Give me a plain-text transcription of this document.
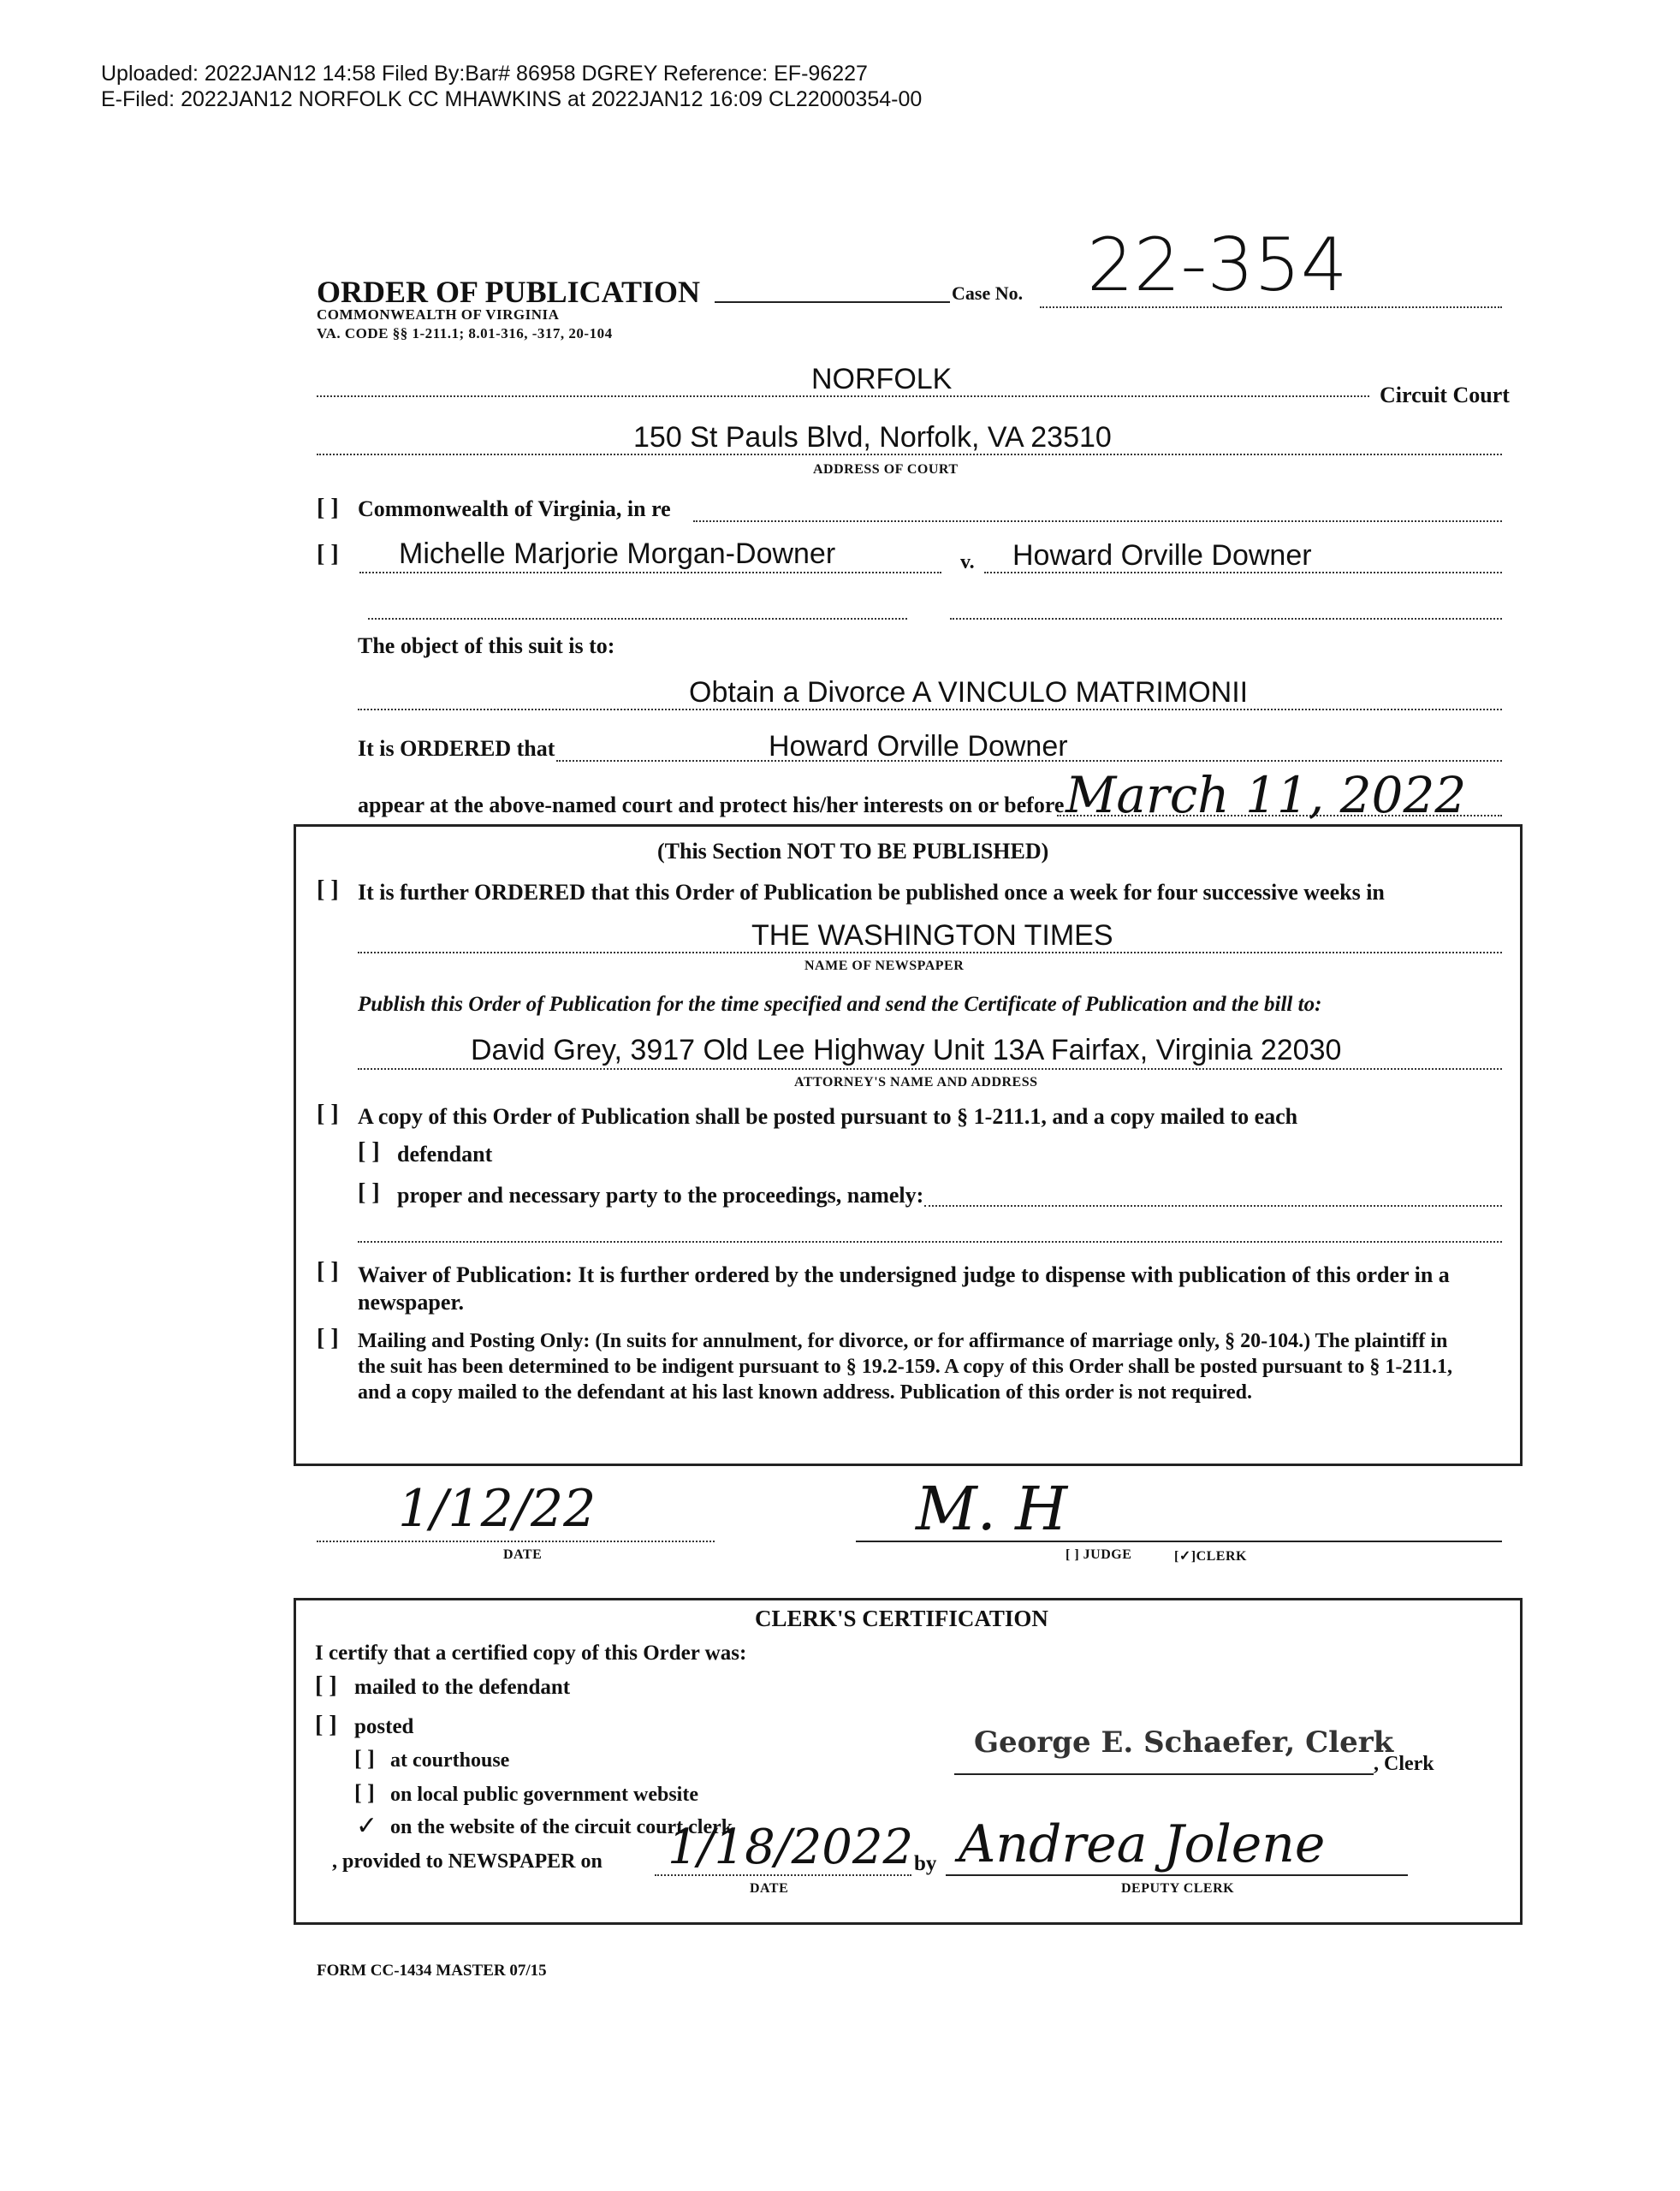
Uploaded: 2022JAN12 14:58 Filed By:Bar# 86958 DGREY Reference: EF-96227
E-Filed: 2022JAN12 NORFOLK CC MHAWKINS at 2022JAN12 16:09 CL22000354-00
ORDER OF PUBLICATION
COMMONWEALTH OF VIRGINIA
VA. CODE §§ 1-211.1; 8.01-316, -317, 20-104
Case No. 22-354
NORFOLK	Circuit Court
150 St Pauls Blvd, Norfolk, VA 23510
ADDRESS OF COURT
[ ] Commonwealth of Virginia, in re
[ ] Michelle Marjorie Morgan-Downer	v. Howard Orville Downer
The object of this suit is to:
Obtain a Divorce A VINCULO MATRIMONII
It is ORDERED that	Howard Orville Downer
appear at the above-named court and protect his/her interests on or before March 11, 2022
(This Section NOT TO BE PUBLISHED)
[ ] It is further ORDERED that this Order of Publication be published once a week for four successive weeks in
THE WASHINGTON TIMES
NAME OF NEWSPAPER
Publish this Order of Publication for the time specified and send the Certificate of Publication and the bill to:
David Grey, 3917 Old Lee Highway Unit 13A Fairfax, Virginia 22030
ATTORNEY'S NAME AND ADDRESS
[ ] A copy of this Order of Publication shall be posted pursuant to § 1-211.1, and a copy mailed to each
[ ] defendant
[ ] proper and necessary party to the proceedings, namely:
[ ] Waiver of Publication: It is further ordered by the undersigned judge to dispense with publication of this order in a newspaper.
[ ] Mailing and Posting Only: (In suits for annulment, for divorce, or for affirmance of marriage only, § 20-104.) The plaintiff in the suit has been determined to be indigent pursuant to § 19.2-159. A copy of this Order shall be posted pursuant to § 1-211.1, and a copy mailed to the defendant at his last known address. Publication of this order is not required.
1/12/22
DATE
M. H
[ ] JUDGE	[✓]CLERK
CLERK'S CERTIFICATION
I certify that a certified copy of this Order was:
[ ] mailed to the defendant
[ ] posted
[ ] at courthouse
[ ] on local public government website
✓ on the website of the circuit court clerk
George E. Schaefer, Clerk
, Clerk
, provided to NEWSPAPER on 1/18/2022
DATE
by Andrea Jolene
DEPUTY CLERK
FORM CC-1434 MASTER 07/15
